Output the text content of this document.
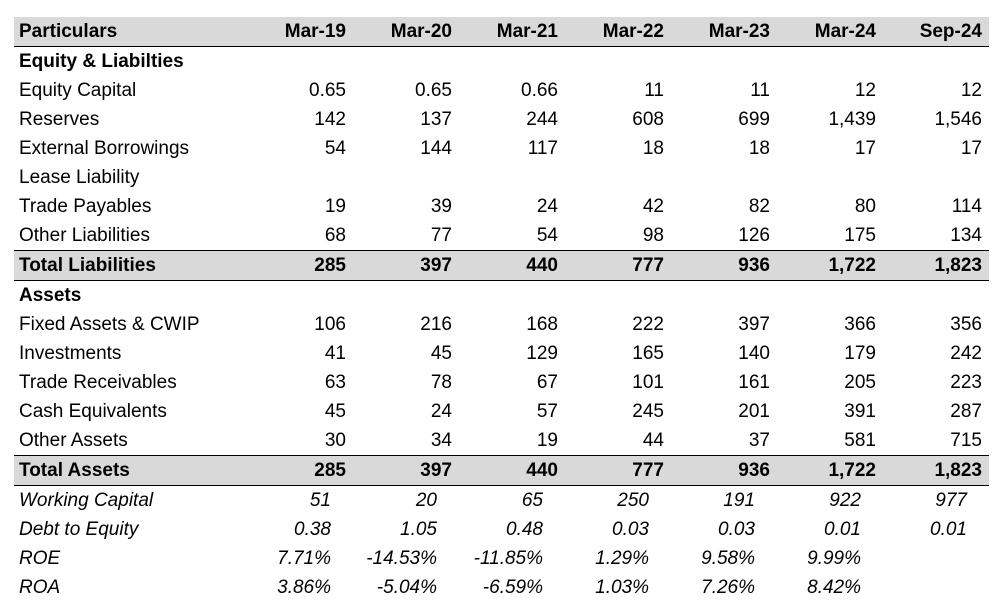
Particulars	Mar-19	Mar-20	Mar-21	Mar-22	Mar-23	Mar-24	Sep-24
Equity & Liabilties							
Equity Capital	0.65	0.65	0.66	11	11	12	12
Reserves	142	137	244	608	699	1,439	1,546
External Borrowings	54	144	117	18	18	17	17
Lease Liability							
Trade Payables	19	39	24	42	82	80	114
Other Liabilities	68	77	54	98	126	175	134
Total Liabilities	285	397	440	777	936	1,722	1,823
Assets							
Fixed Assets & CWIP	106	216	168	222	397	366	356
Investments	41	45	129	165	140	179	242
Trade Receivables	63	78	67	101	161	205	223
Cash Equivalents	45	24	57	245	201	391	287
Other Assets	30	34	19	44	37	581	715
Total Assets	285	397	440	777	936	1,722	1,823
Working Capital	51	20	65	250	191	922	977
Debt to Equity	0.38	1.05	0.48	0.03	0.03	0.01	0.01
ROE	7.71%	-14.53%	-11.85%	1.29%	9.58%	9.99%	
ROA	3.86%	-5.04%	-6.59%	1.03%	7.26%	8.42%	
